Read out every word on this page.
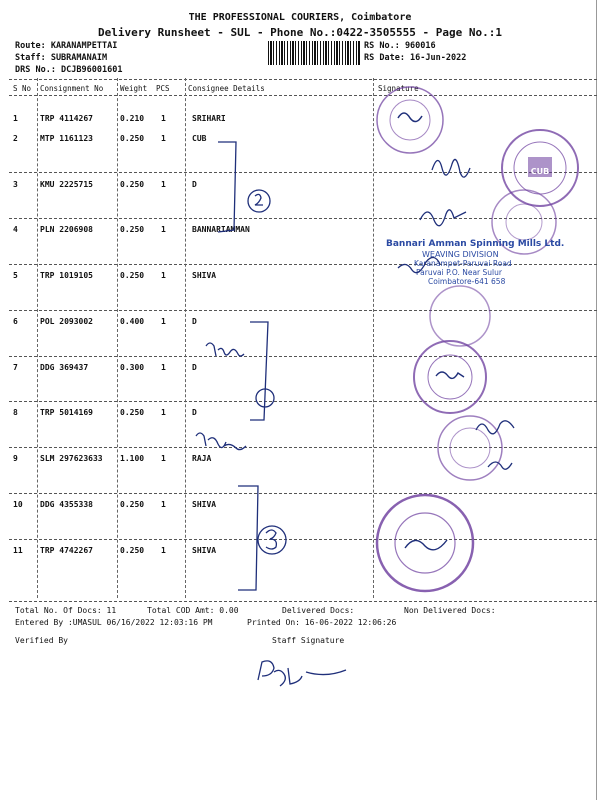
THE PROFESSIONAL COURIERS, Coimbatore
Delivery Runsheet - SUL - Phone No.:0422-3505555 - Page No.:1
Route: KARANAMPETTAI
Staff: SUBRAMANAIM
DRS No.: DCJB96001601
RS No.: 960016
RS Date: 16-Jun-2022
S No Consignment No Weight PCS Consignee Details	Signature
1	TRP 4114267	0.210 1	SRIHARI
2	MTP 1161123	0.250 1	CUB
3	KMU 2225715	0.250 1	D
4	PLN 2206908	0.250 1	BANNARIAMMAN
5	TRP 1019105	0.250 1	SHIVA
6	POL 2093002	0.400 1	D
7	DDG 369437	0.300 1	D
8	TRP 5014169	0.250 1	D
9	SLM 297623633 1.100 1	RAJA
10 DDG 4355338	0.250 1	SHIVA
11 TRP 4742267	0.250 1	SHIVA
Total No. Of Docs: 11	Total COD Amt: 0.00	Delivered Docs:	Non Delivered Docs:
Entered By :UMASUL 06/16/2022 12:03:16 PM	Printed On: 16-06-2022 12:06:26
Verified By	Staff Signature
CUB
Bannari Amman Spinning Mills Ltd.
WEAVING DIVISION
Karanampet-Paruvai Road
Paruvai P.O. Near Sulur
Coimbatore-641 658
